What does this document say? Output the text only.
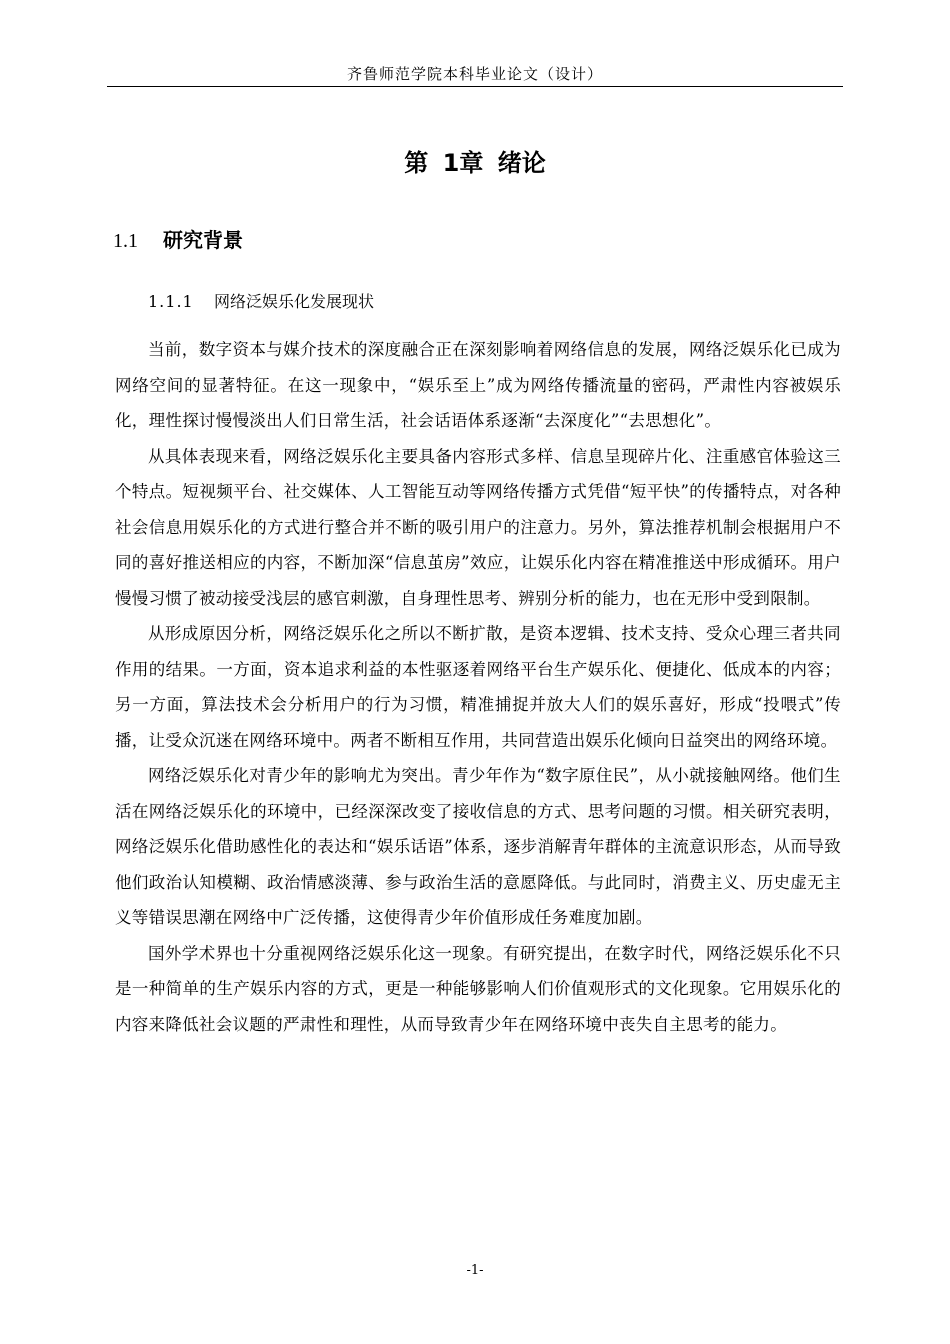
齐鲁师范学院本科毕业论文（设计）
第 1章 绪论
1.1 研究背景
1.1.1 网络泛娱乐化发展现状

当前，数字资本与媒介技术的深度融合正在深刻影响着网络信息的发展，网络泛娱乐化已成为网络空间的显著特征。在这一现象中，“娱乐至上”成为网络传播流量的密码，严肃性内容被娱乐化，理性探讨慢慢淡出人们日常生活，社会话语体系逐渐“去深度化”“去思想化”。

从具体表现来看，网络泛娱乐化主要具备内容形式多样、信息呈现碎片化、注重感官体验这三个特点。短视频平台、社交媒体、人工智能互动等网络传播方式凭借“短平快”的传播特点，对各种社会信息用娱乐化的方式进行整合并不断的吸引用户的注意力。另外，算法推荐机制会根据用户不同的喜好推送相应的内容，不断加深“信息茧房”效应，让娱乐化内容在精准推送中形成循环。用户慢慢习惯了被动接受浅层的感官刺激，自身理性思考、辨别分析的能力，也在无形中受到限制。

从形成原因分析，网络泛娱乐化之所以不断扩散，是资本逻辑、技术支持、受众心理三者共同作用的结果。一方面，资本追求利益的本性驱逐着网络平台生产娱乐化、便捷化、低成本的内容；另一方面，算法技术会分析用户的行为习惯，精准捕捉并放大人们的娱乐喜好，形成“投喂式”传播，让受众沉迷在网络环境中。两者不断相互作用，共同营造出娱乐化倾向日益突出的网络环境。

网络泛娱乐化对青少年的影响尤为突出。青少年作为“数字原住民”，从小就接触网络。他们生活在网络泛娱乐化的环境中，已经深深改变了接收信息的方式、思考问题的习惯。相关研究表明，网络泛娱乐化借助感性化的表达和“娱乐话语”体系，逐步消解青年群体的主流意识形态，从而导致他们政治认知模糊、政治情感淡薄、参与政治生活的意愿降低。与此同时，消费主义、历史虚无主义等错误思潮在网络中广泛传播，这使得青少年价值形成任务难度加剧。

国外学术界也十分重视网络泛娱乐化这一现象。有研究提出，在数字时代，网络泛娱乐化不只是一种简单的生产娱乐内容的方式，更是一种能够影响人们价值观形式的文化现象。它用娱乐化的内容来降低社会议题的严肃性和理性，从而导致青少年在网络环境中丧失自主思考的能力。

-1-
